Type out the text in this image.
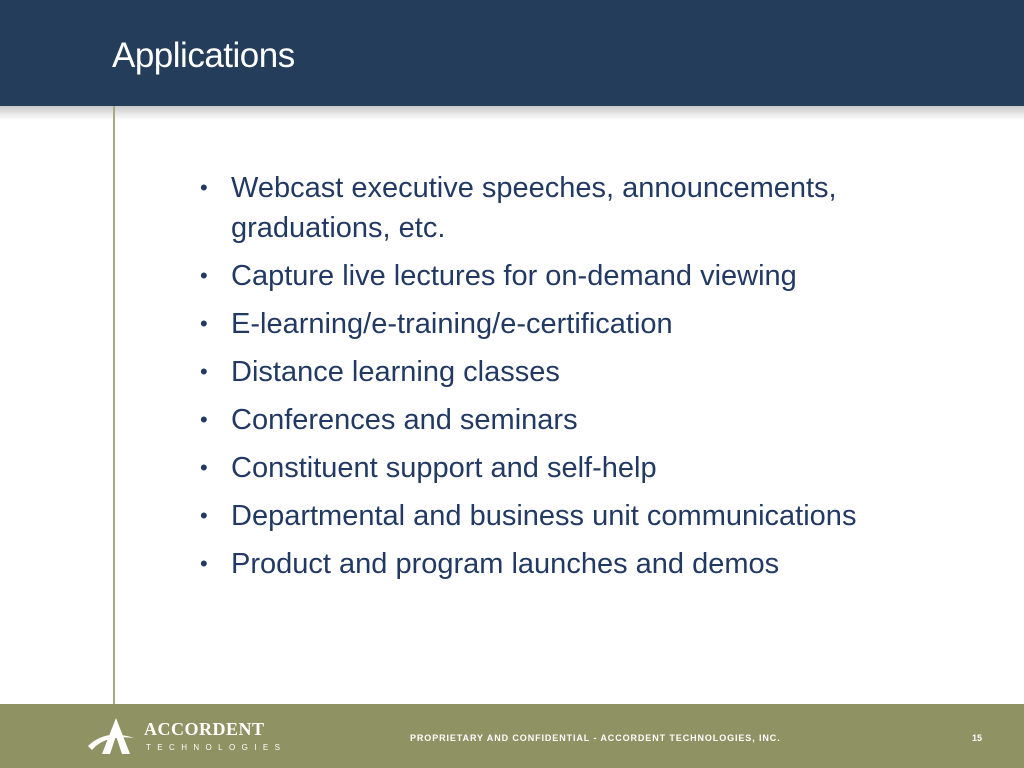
Applications
• Webcast executive speeches, announcements, graduations, etc.
• Capture live lectures for on-demand viewing
• E-learning/e-training/e-certification
• Distance learning classes
• Conferences and seminars
• Constituent support and self-help
• Departmental and business unit communications
• Product and program launches and demos
ACCORDENT
TECHNOLOGIES
PROPRIETARY AND CONFIDENTIAL - ACCORDENT TECHNOLOGIES, INC.	15
